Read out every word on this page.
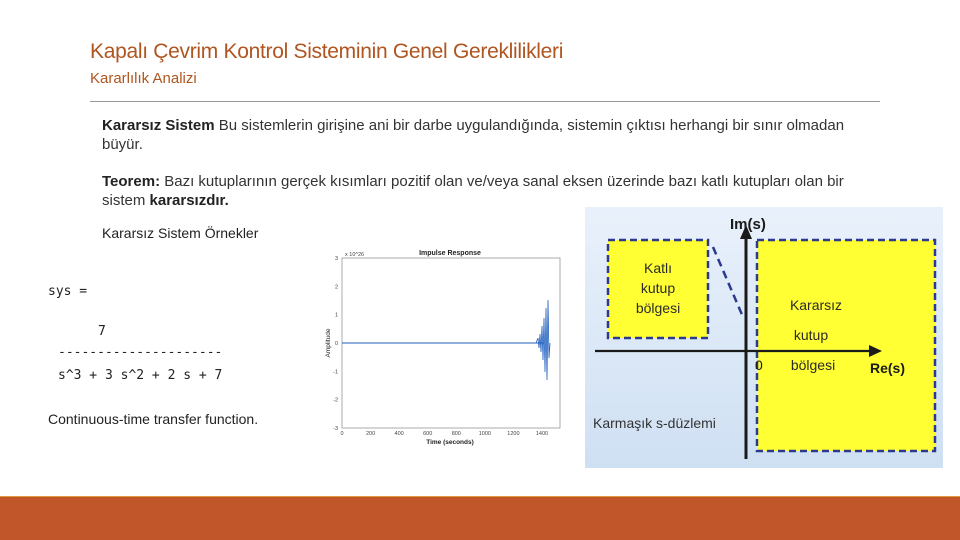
Kapalı Çevrim Kontrol Sisteminin Genel Gereklilikleri
Kararlılık Analizi
Kararsız Sistem Bu sistemlerin girişine ani bir darbe uygulandığında, sistemin çıktısı herhangi bir sınır olmadan büyür.
Teorem: Bazı kutuplarının gerçek kısımları pozitif olan ve/veya sanal eksen üzerinde bazı katlı kutupları olan bir sistem kararsızdır.
Kararsız Sistem Örnekler
sys =
7
---------------------
s^3 + 3 s^2 + 2 s + 7
Continuous-time transfer function.
Impulse Response
x 10^26
3
2
1
0
-1
-2
-3
0	200	400	600	800	1000	1200	1400
Time (seconds)
Amplitude
Im(s)
Re(s)
0
Katlı
kutup
bölgesi	Kararsız
kutup
bölgesi
Karmaşık s-düzlemi
